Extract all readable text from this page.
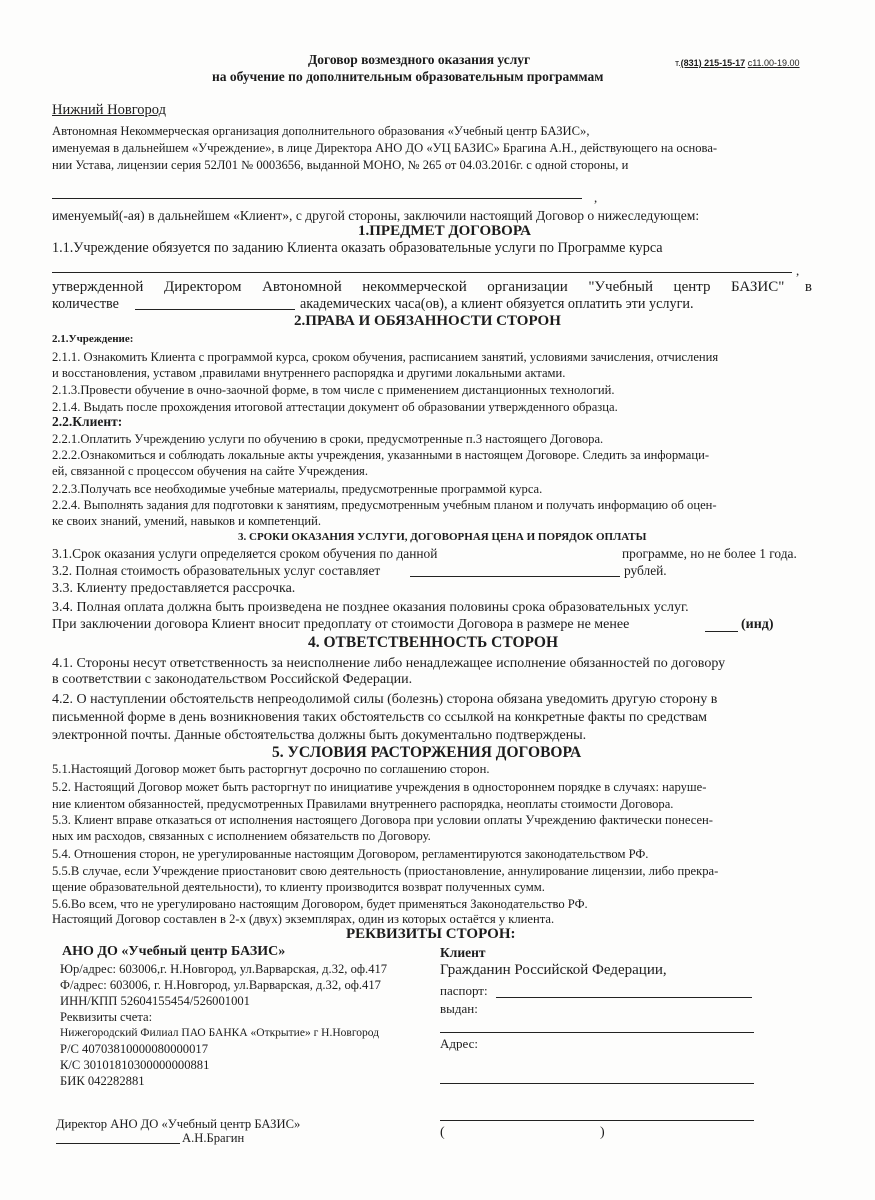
Договор возмездного оказания услуг
на обучение по дополнительным образовательным программам
т.(831) 215-15-17 с11.00-19.00
Нижний Новгород
Автономная Некоммерческая организация дополнительного образования «Учебный центр БАЗИС»,
именуемая в дальнейшем «Учреждение», в лице Директора АНО ДО «УЦ БАЗИС» Брагина А.Н., действующего на основа-
нии Устава, лицензии серия 52Л01 № 0003656, выданной МОНО, № 265 от 04.03.2016г. с одной стороны, и
,
именуемый(-ая) в дальнейшем «Клиент», с другой стороны, заключили настоящий Договор о нижеследующем:
1.ПРЕДМЕТ ДОГОВОРА
1.1.Учреждение обязуется по заданию Клиента оказать образовательные услуги по Программе курса
,
утвержденной Директором Автономной некоммерческой организации "Учебный центр БАЗИС" в
количестве	академических часа(ов), а клиент обязуется оплатить эти услуги.
2.ПРАВА И ОБЯЗАННОСТИ СТОРОН
2.1.Учреждение:
2.1.1. Ознакомить Клиента с программой курса, сроком обучения, расписанием занятий, условиями зачисления, отчисления
и восстановления, уставом ,правилами внутреннего распорядка и другими локальными актами.
2.1.3.Провести обучение в очно-заочной форме, в том числе с применением дистанционных технологий.
2.1.4. Выдать после прохождения итоговой аттестации документ об образовании утвержденного образца.
2.2.Клиент:
2.2.1.Оплатить Учреждению услуги по обучению в сроки, предусмотренные п.3 настоящего Договора.
2.2.2.Ознакомиться и соблюдать локальные акты учреждения, указанными в настоящем Договоре. Следить за информаци-
ей, связанной с процессом обучения на сайте Учреждения.
2.2.3.Получать все необходимые учебные материалы, предусмотренные программой курса.
2.2.4. Выполнять задания для подготовки к занятиям, предусмотренным учебным планом и получать информацию об оцен-
ке своих знаний, умений, навыков и компетенций.
3. СРОКИ ОКАЗАНИЯ УСЛУГИ, ДОГОВОРНАЯ ЦЕНА И ПОРЯДОК ОПЛАТЫ
3.1.Срок оказания услуги определяется сроком обучения по данной	программе, но не более 1 года.
3.2. Полная стоимость образовательных услуг составляет	рублей.
3.3. Клиенту предоставляется рассрочка.
3.4. Полная оплата должна быть произведена не позднее оказания половины срока образовательных услуг.
При заключении договора Клиент вносит предоплату от стоимости Договора в размере не менее	(инд)
4. ОТВЕТСТВЕННОСТЬ СТОРОН
4.1. Стороны несут ответственность за неисполнение либо ненадлежащее исполнение обязанностей по договору
в соответствии с законодательством Российской Федерации.
4.2. О наступлении обстоятельств непреодолимой силы (болезнь) сторона обязана уведомить другую сторону в
письменной форме в день возникновения таких обстоятельств со ссылкой на конкретные факты по средствам
электронной почты. Данные обстоятельства должны быть документально подтверждены.
5. УСЛОВИЯ РАСТОРЖЕНИЯ ДОГОВОРА
5.1.Настоящий Договор может быть расторгнут досрочно по соглашению сторон.
5.2. Настоящий Договор может быть расторгнут по инициативе учреждения в одностороннем порядке в случаях: наруше-
ние клиентом обязанностей, предусмотренных Правилами внутреннего распорядка, неоплаты стоимости Договора.
5.3. Клиент вправе отказаться от исполнения настоящего Договора при условии оплаты Учреждению фактически понесен-
ных им расходов, связанных с исполнением обязательств по Договору.
5.4. Отношения сторон, не урегулированные настоящим Договором, регламентируются законодательством РФ.
5.5.В случае, если Учреждение приостановит свою деятельность (приостановление, аннулирование лицензии, либо прекра-
щение образовательной деятельности), то клиенту производится возврат полученных сумм.
5.6.Во всем, что не урегулировано настоящим Договором, будет применяться Законодательство РФ.
Настоящий Договор составлен в 2-х (двух) экземплярах, один из которых остаётся у клиента.
РЕКВИЗИТЫ СТОРОН:
АНО ДО «Учебный центр БАЗИС»
Юр/адрес: 603006,г. Н.Новгород, ул.Варварская, д.32, оф.417
Ф/адрес: 603006, г. Н.Новгород, ул.Варварская, д.32, оф.417
ИНН/КПП 52604155454/526001001
Реквизиты счета:
Нижегородский Филиал ПАО БАНКА «Открытие» г Н.Новгород
Р/С 40703810000080000017
К/С 30101810300000000881
БИК 042282881
Директор АНО ДО «Учебный центр БАЗИС»
А.Н.Брагин
Клиент
Гражданин Российской Федерации,
паспорт:
выдан:
Адрес:
(	)
